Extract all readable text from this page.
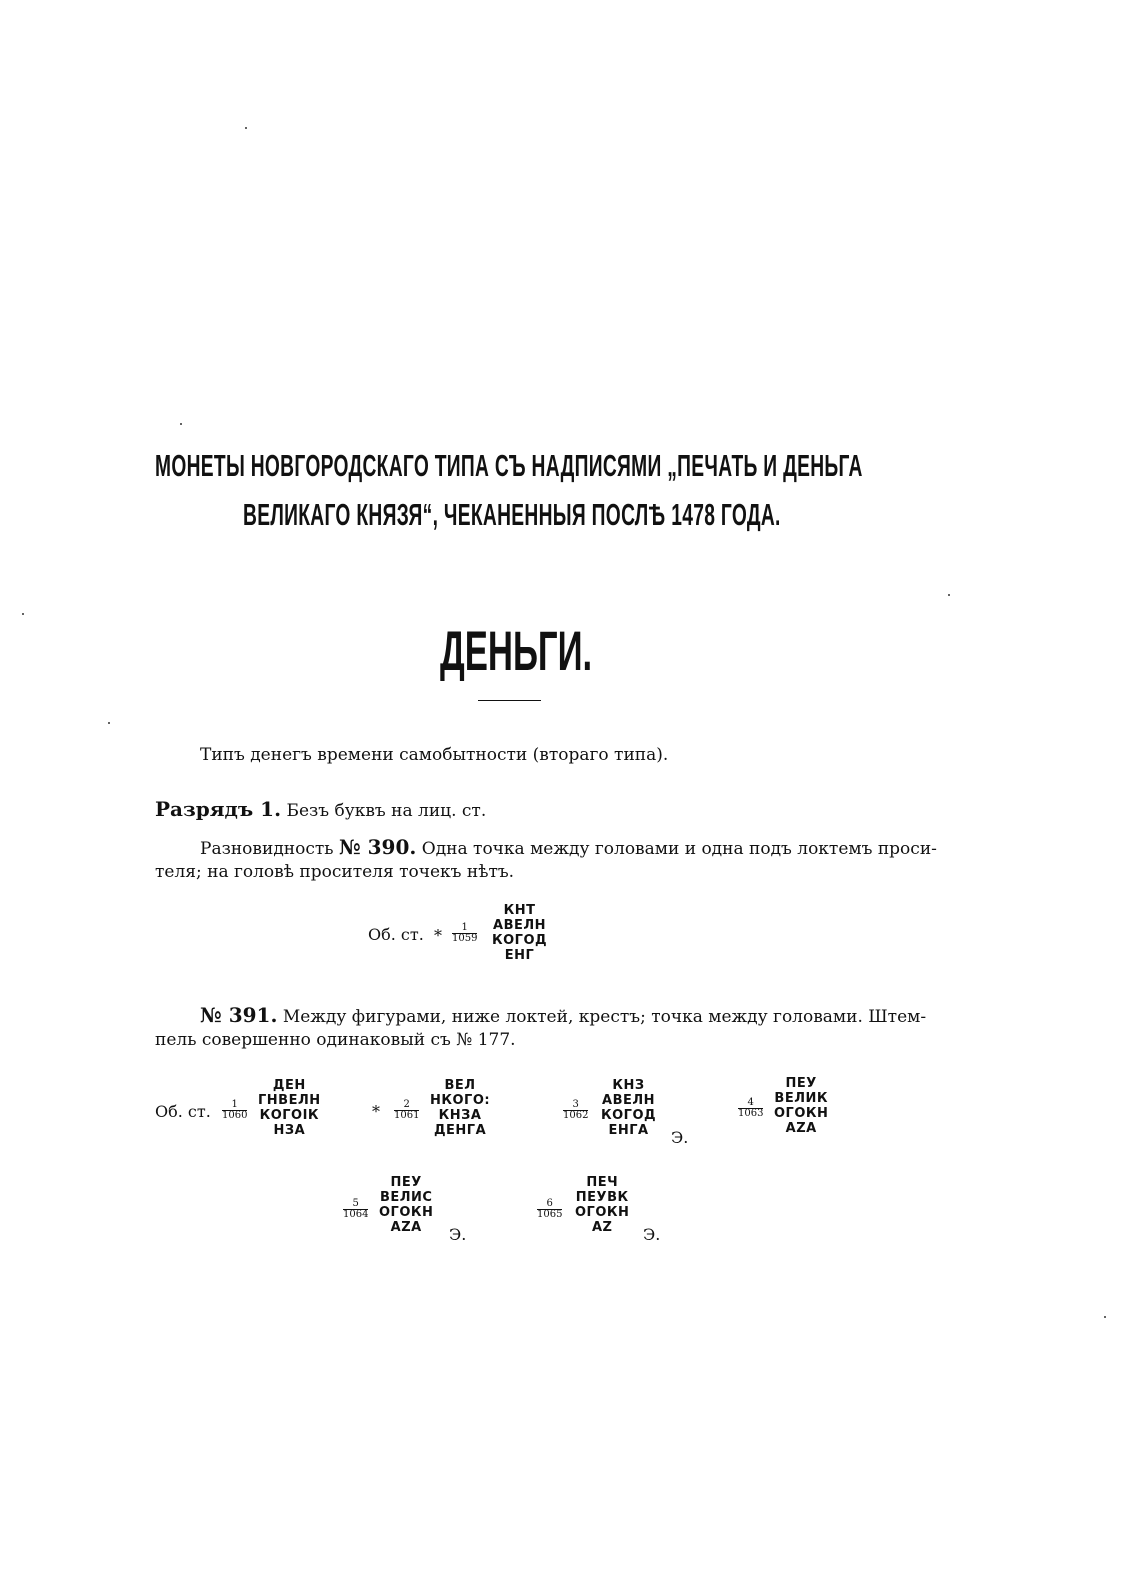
МОНЕТЫ НОВГОРОДСКАГО ТИПА СЪ НАДПИСЯМИ „ПЕЧАТЬ И ДЕНЬГА
ВЕЛИКАГО КНЯЗЯ“, ЧЕКАНЕННЫЯ ПОСЛѢ 1478 ГОДА.
ДЕНЬГИ.
Типъ денегъ времени самобытности (втораго типа).
Разрядъ 1. Безъ буквъ на лиц. ст.
Разновидность № 390. Одна точка между головами и одна подъ локтемъ проси-
теля; на головѣ просителя точекъ нѣтъ.
Об. ст. * $\frac{1}{1059}$
КНТ
АВЕЛН
КОГОД
ЕНГ
№ 391. Между фигурами, ниже локтей, крестъ; точка между головами. Штем-
пель совершенно одинаковый съ № 177.
Об. ст. $\frac{1}{1060}$
ДЕН
ГНВЕЛН
КОГОІК
НЗА
* $\frac{2}{1061}$
ВЕЛ
НКОГО:
КНЗА
ДЕНГА
$\frac{3}{1062}$
КНЗ
АВЕЛН
КОГОД
ЕНГА	Э.
$\frac{4}{1063}$
ПЕУ
ВЕЛИК
ОГОКН
АZА
$\frac{5}{1064}$
ПЕУ
ВЕЛИС
ОГОКН
АZА	Э.
$\frac{6}{1065}$
ПЕЧ
ПЕУВК
ОГОКН
АZ	Э.
